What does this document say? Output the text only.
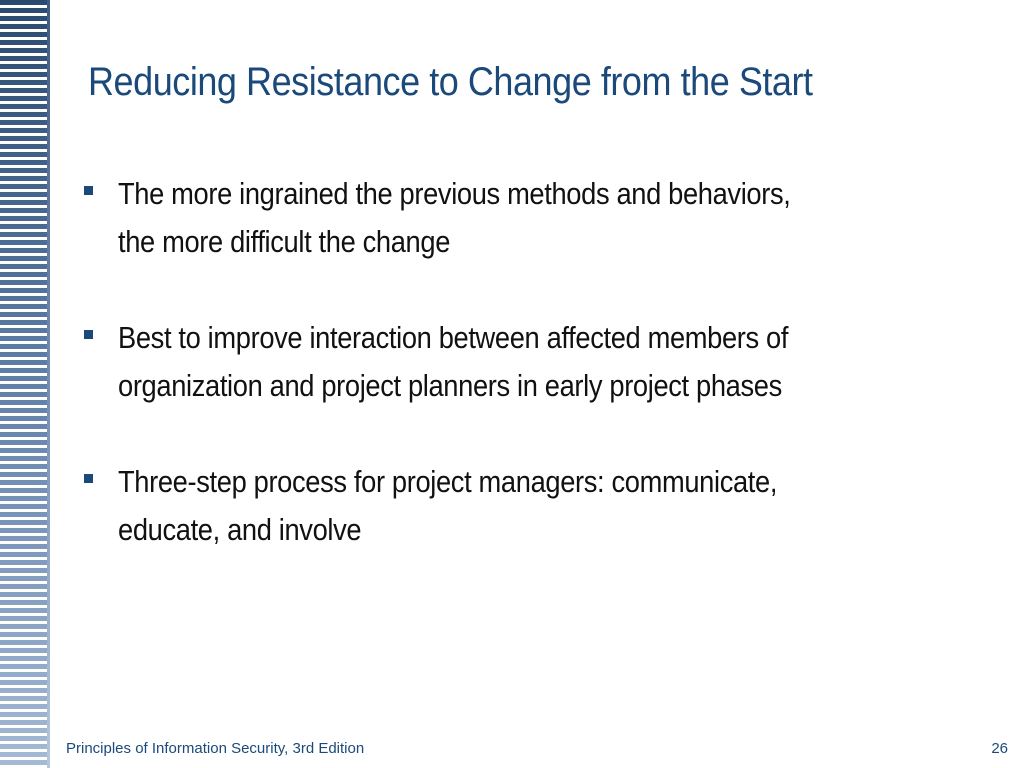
Reducing Resistance to Change from the Start
The more ingrained the previous methods and behaviors,
the more difficult the change
Best to improve interaction between affected members of
organization and project planners in early project phases
Three-step process for project managers: communicate,
educate, and involve
Principles of Information Security, 3rd Edition	26
